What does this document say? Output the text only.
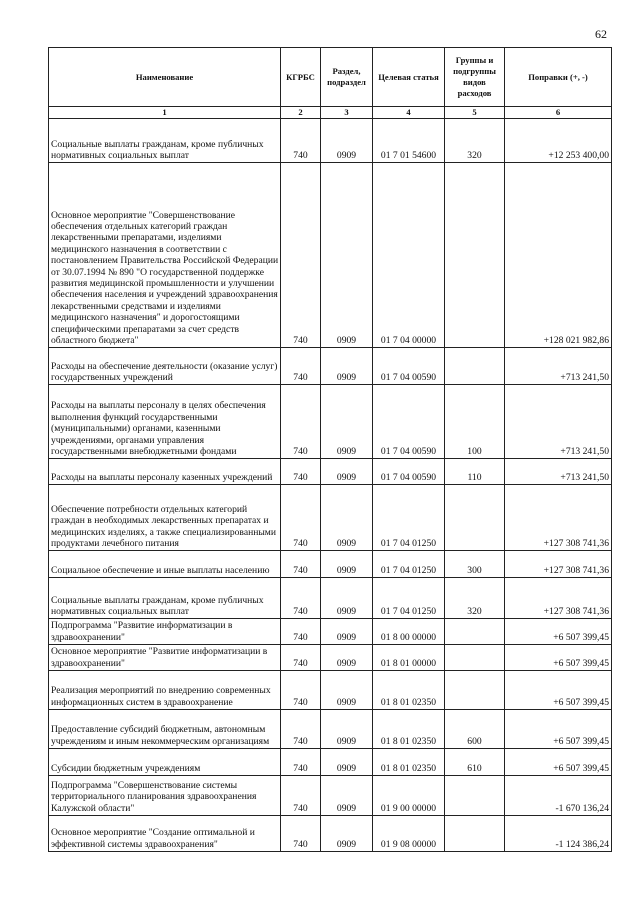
62
Наименование	КГРБС	Раздел, подраздел	Целевая статья	Группы и подгруппы видов расходов	Поправки (+, -)
1	2	3	4	5	6
Социальные выплаты гражданам, кроме публичных нормативных социальных выплат	740	0909	01 7 01 54600	320	+12 253 400,00
Основное мероприятие "Совершенствование обеспечения отдельных категорий граждан лекарственными препаратами, изделиями медицинского назначения в соответствии с постановлением Правительства Российской Федерации от 30.07.1994 № 890 "О государственной поддержке развития медицинской промышленности и улучшении обеспечения населения и учреждений здравоохранения лекарственными средствами и изделиями медицинского назначения" и дорогостоящими специфическими препаратами за счет средств областного бюджета"	740	0909	01 7 04 00000		+128 021 982,86
Расходы на обеспечение деятельности (оказание услуг) государственных учреждений	740	0909	01 7 04 00590		+713 241,50
Расходы на выплаты персоналу в целях обеспечения выполнения функций государственными (муниципальными) органами, казенными учреждениями, органами управления государственными внебюджетными фондами	740	0909	01 7 04 00590	100	+713 241,50
Расходы на выплаты персоналу казенных учреждений	740	0909	01 7 04 00590	110	+713 241,50
Обеспечение потребности отдельных категорий граждан в необходимых лекарственных препаратах и медицинских изделиях, а также специализированными продуктами лечебного питания	740	0909	01 7 04 01250		+127 308 741,36
Социальное обеспечение и иные выплаты населению	740	0909	01 7 04 01250	300	+127 308 741,36
Социальные выплаты гражданам, кроме публичных нормативных социальных выплат	740	0909	01 7 04 01250	320	+127 308 741,36
Подпрограмма "Развитие информатизации в здравоохранении"	740	0909	01 8 00 00000		+6 507 399,45
Основное мероприятие "Развитие информатизации в здравоохранении"	740	0909	01 8 01 00000		+6 507 399,45
Реализация мероприятий по внедрению современных информационных систем в здравоохранение	740	0909	01 8 01 02350		+6 507 399,45
Предоставление субсидий бюджетным, автономным учреждениям и иным некоммерческим организациям	740	0909	01 8 01 02350	600	+6 507 399,45
Субсидии бюджетным учреждениям	740	0909	01 8 01 02350	610	+6 507 399,45
Подпрограмма "Совершенствование системы территориального планирования здравоохранения Калужской области"	740	0909	01 9 00 00000		-1 670 136,24
Основное мероприятие "Создание оптимальной и эффективной системы здравоохранения"	740	0909	01 9 08 00000		-1 124 386,24
